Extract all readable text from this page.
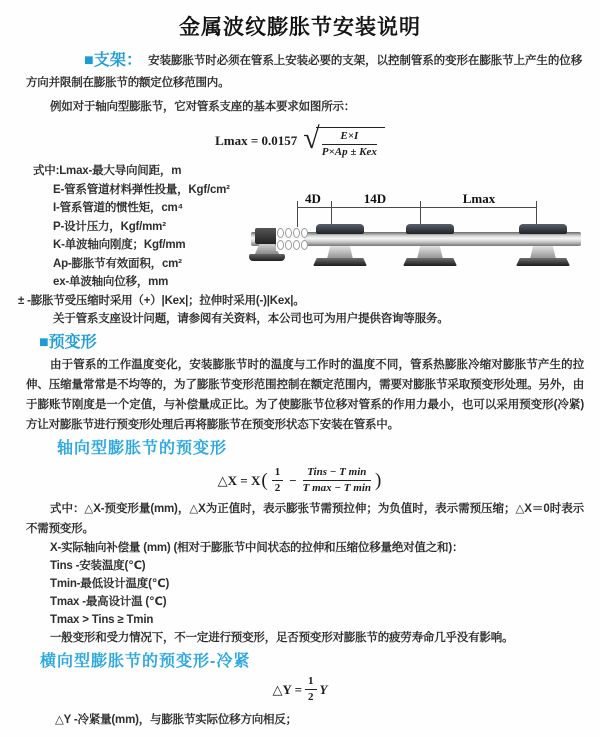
金属波纹膨胀节安装说明

■支架： 安装膨胀节时必须在管系上安装必要的支架，以控制管系的变形在膨胀节上产生的位移方向并限制在膨胀节的额定位移范围内。

例如对于轴向型膨胀节，它对管系支座的基本要求如图所示：

Lmax = 0.0157 √ $\frac{E\times I}{\text{P×Ap ± Kex}}$
式中:Lmax-最大导向间距，m
E-管系管道材料弹性投量，Kgf/cm²
I-管系管道的惯性矩，cm⁴
P-设计压力，Kgf/mm²
K-单波轴向刚度；Kgf/mm
Ap-膨胀节有效面积，cm²
ex-单波轴向位移，mm
± -膨胀节受压缩时采用（+）|Kex|；拉伸时采用(-)|Kex|。
关于管系支座设计问题，请参阅有关资料，本公司也可为用户提供咨询等服务。
4D	14D	Lmax
■预变形

由于管系的工作温度变化，安装膨胀节时的温度与工作时的温度不同，管系热膨胀冷缩对膨胀节产生的拉伸、压缩量常常是不均等的，为了膨胀节变形范围控制在额定范围内，需要对膨胀节采取预变形处理。另外，由于膨账节刚度是一个定值，与补偿量成正比。为了使膨胀节位移对管系的作用力最小，也可以采用预变形(冷紧)方让对膨胀节进行预变形处理后再将膨胀节在预变形状态下安装在管系中。

轴向型膨胀节的预变形
△X = X ( $\frac{1}{2} - \frac{\text{Tins − T min}}{\text{T max − T min}}$ )

式中：△X-预变形量(mm)，△X为正值时，表示膨张节需预拉伸；为负值时，表示需预压缩；△X＝0时表示不需预变形。

X-实际轴向补偿量 (mm) (相对于膨胀节中间状态的拉伸和压缩位移量绝对值之和)：
Tins -安装温度(℃)
Tmin-最低设计温度(℃)
Tmax -最高设计温 (℃)
Tmax > Tins ≥ Tmin

一般变形和受力情况下，不一定进行预变形，足否预变形对膨胀节的疲劳寿命几乎没有影响。

横向型膨胀节的预变形-冷紧
△Y = $\frac{1}{2}$ Y

△Y -冷紧量(mm)，与膨胀节实际位移方向相反；
